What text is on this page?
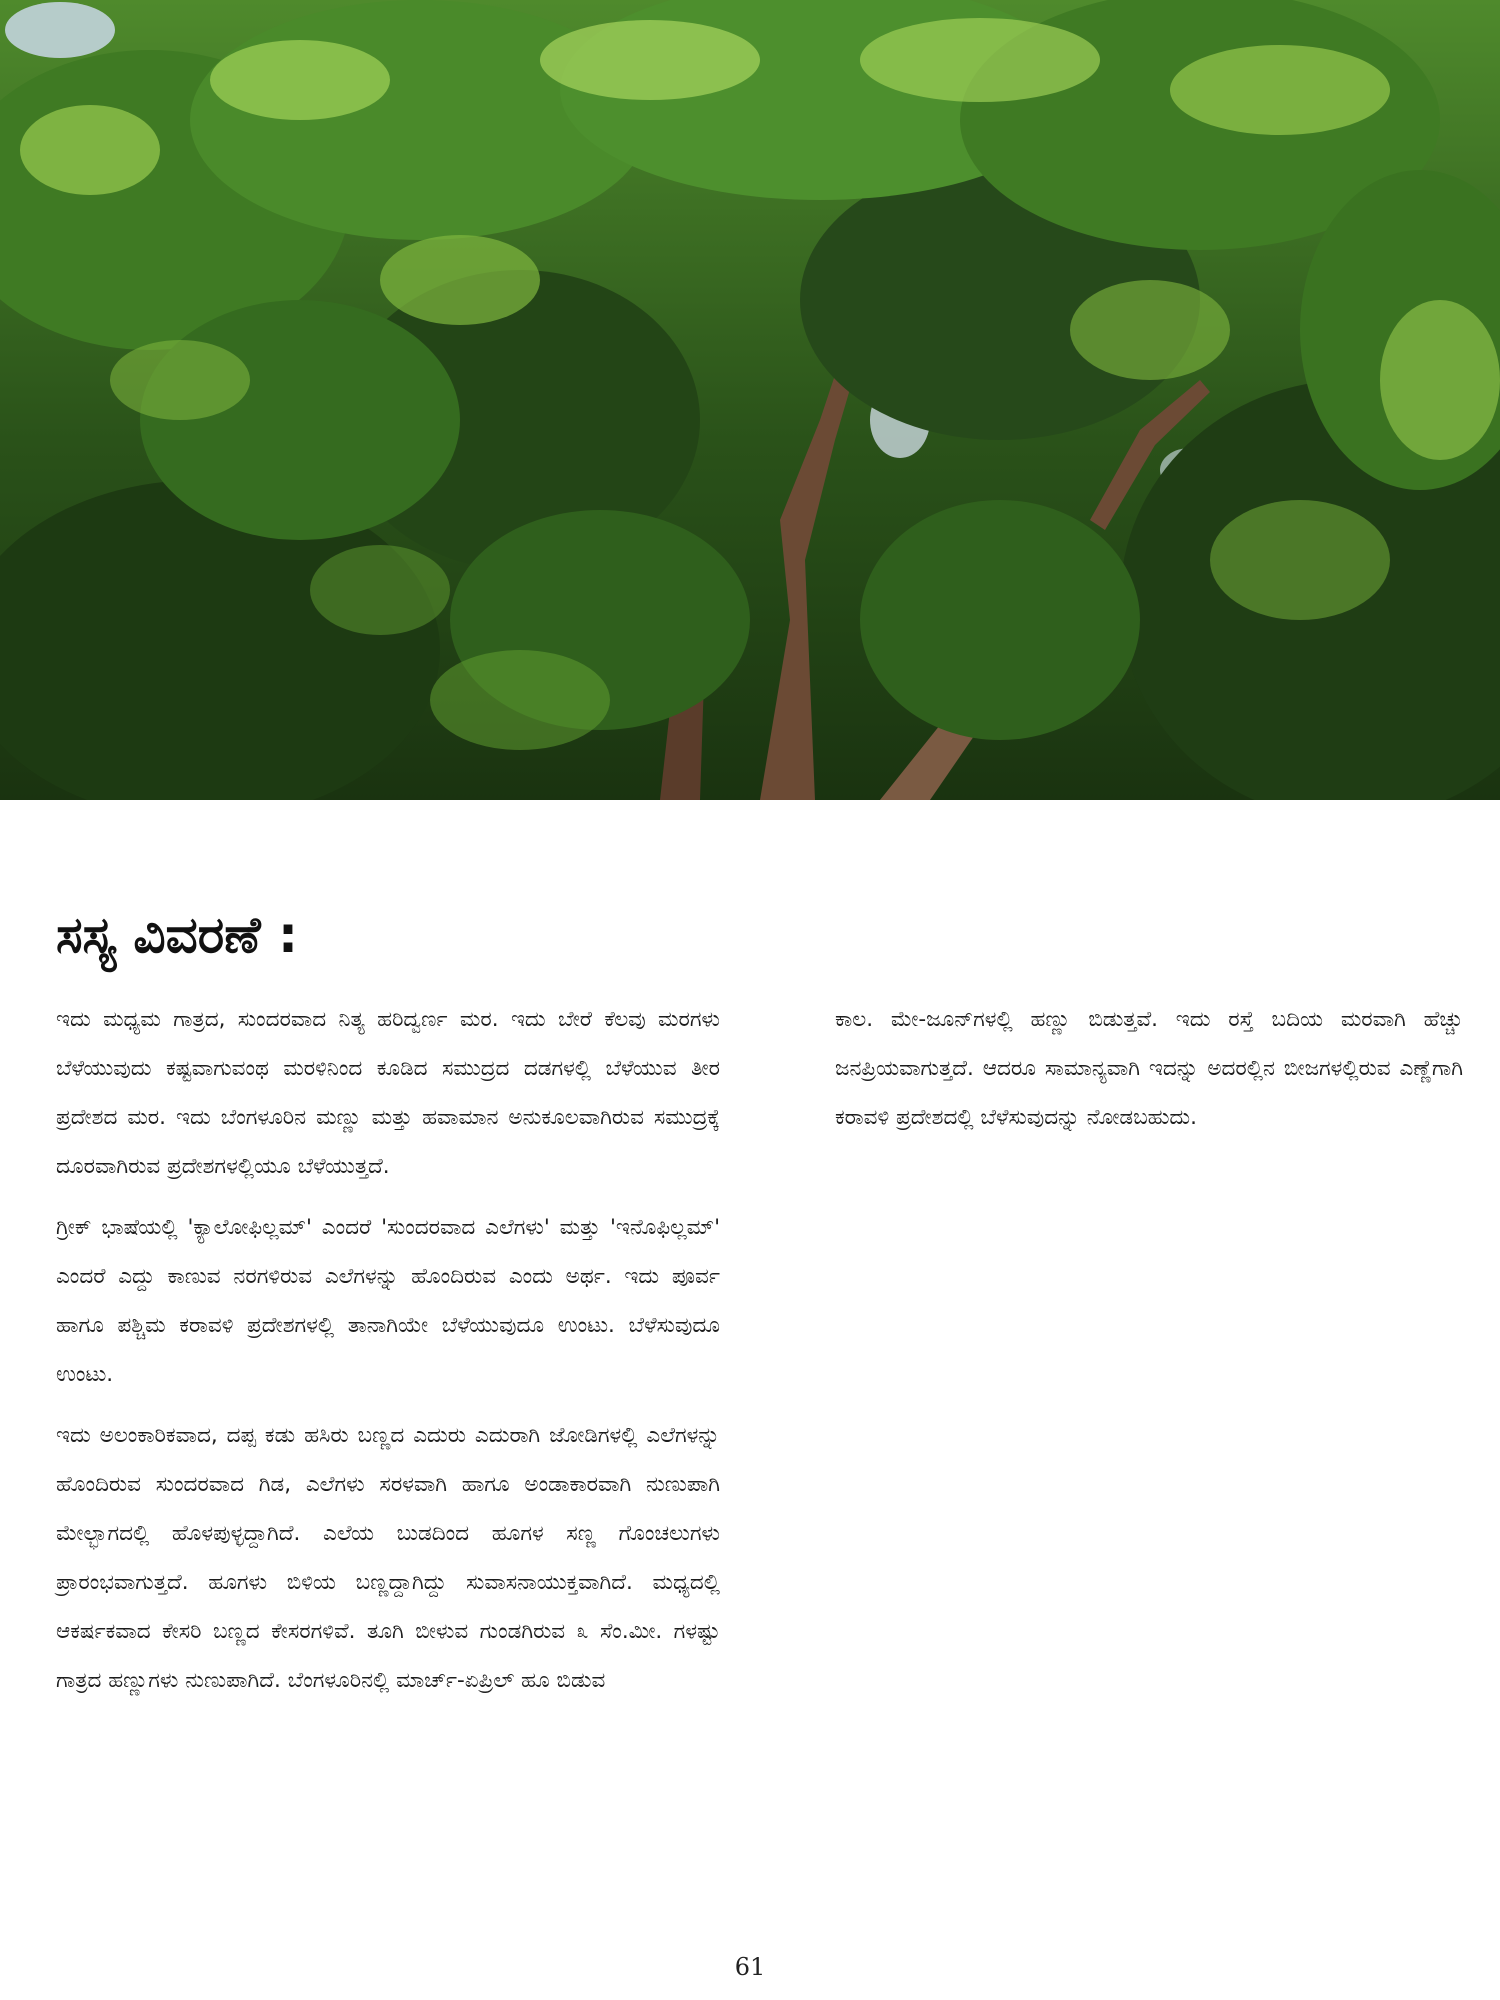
ಸಸ್ಯ ವಿವರಣೆ :

ಇದು ಮಧ್ಯಮ ಗಾತ್ರದ, ಸುಂದರವಾದ ನಿತ್ಯ ಹರಿದ್ವರ್ಣ ಮರ. ಇದು ಬೇರೆ ಕೆಲವು ಮರಗಳು ಬೆಳೆಯುವುದು ಕಷ್ಟವಾಗುವಂಥ ಮರಳಿನಿಂದ ಕೂಡಿದ ಸಮುದ್ರದ ದಡಗಳಲ್ಲಿ ಬೆಳೆಯುವ ತೀರ ಪ್ರದೇಶದ ಮರ. ಇದು ಬೆಂಗಳೂರಿನ ಮಣ್ಣು ಮತ್ತು ಹವಾಮಾನ ಅನುಕೂಲವಾಗಿರುವ ಸಮುದ್ರಕ್ಕೆ ದೂರವಾಗಿರುವ ಪ್ರದೇಶಗಳಲ್ಲಿಯೂ ಬೆಳೆಯುತ್ತದೆ.

ಗ್ರೀಕ್ ಭಾಷೆಯಲ್ಲಿ 'ಕ್ಯಾಲೋಫಿಲ್ಲಮ್' ಎಂದರೆ 'ಸುಂದರವಾದ ಎಲೆಗಳು' ಮತ್ತು 'ಇನೊಫಿಲ್ಲಮ್' ಎಂದರೆ ಎದ್ದು ಕಾಣುವ ನರಗಳಿರುವ ಎಲೆಗಳನ್ನು ಹೊಂದಿರುವ ಎಂದು ಅರ್ಥ. ಇದು ಪೂರ್ವ ಹಾಗೂ ಪಶ್ಚಿಮ ಕರಾವಳಿ ಪ್ರದೇಶಗಳಲ್ಲಿ ತಾನಾಗಿಯೇ ಬೆಳೆಯುವುದೂ ಉಂಟು. ಬೆಳೆಸುವುದೂ ಉಂಟು.

ಇದು ಅಲಂಕಾರಿಕವಾದ, ದಪ್ಪ ಕಡು ಹಸಿರು ಬಣ್ಣದ ಎದುರು ಎದುರಾಗಿ ಜೋಡಿಗಳಲ್ಲಿ ಎಲೆಗಳನ್ನು ಹೊಂದಿರುವ ಸುಂದರವಾದ ಗಿಡ, ಎಲೆಗಳು ಸರಳವಾಗಿ ಹಾಗೂ ಅಂಡಾಕಾರವಾಗಿ ನುಣುಪಾಗಿ ಮೇಲ್ಭಾಗದಲ್ಲಿ ಹೊಳಪುಳ್ಳದ್ದಾಗಿದೆ. ಎಲೆಯ ಬುಡದಿಂದ ಹೂಗಳ ಸಣ್ಣ ಗೊಂಚಲುಗಳು ಪ್ರಾರಂಭವಾಗುತ್ತದೆ. ಹೂಗಳು ಬಿಳಿಯ ಬಣ್ಣದ್ದಾಗಿದ್ದು ಸುವಾಸನಾಯುಕ್ತವಾಗಿದೆ. ಮಧ್ಯದಲ್ಲಿ ಆಕರ್ಷಕವಾದ ಕೇಸರಿ ಬಣ್ಣದ ಕೇಸರಗಳಿವೆ. ತೂಗಿ ಬೀಳುವ ಗುಂಡಗಿರುವ ೩ ಸೆಂ.ಮೀ. ಗಳಷ್ಟು ಗಾತ್ರದ ಹಣ್ಣುಗಳು ನುಣುಪಾಗಿದೆ. ಬೆಂಗಳೂರಿನಲ್ಲಿ ಮಾರ್ಚ್-ಏಪ್ರಿಲ್ ಹೂ ಬಿಡುವ

ಕಾಲ. ಮೇ-ಜೂನ್‌ಗಳಲ್ಲಿ ಹಣ್ಣು ಬಿಡುತ್ತವೆ. ಇದು ರಸ್ತೆ ಬದಿಯ ಮರವಾಗಿ ಹೆಚ್ಚು ಜನಪ್ರಿಯವಾಗುತ್ತದೆ. ಆದರೂ ಸಾಮಾನ್ಯವಾಗಿ ಇದನ್ನು ಅದರಲ್ಲಿನ ಬೀಜಗಳಲ್ಲಿರುವ ಎಣ್ಣೆಗಾಗಿ ಕರಾವಳಿ ಪ್ರದೇಶದಲ್ಲಿ ಬೆಳೆಸುವುದನ್ನು ನೋಡಬಹುದು.

61
